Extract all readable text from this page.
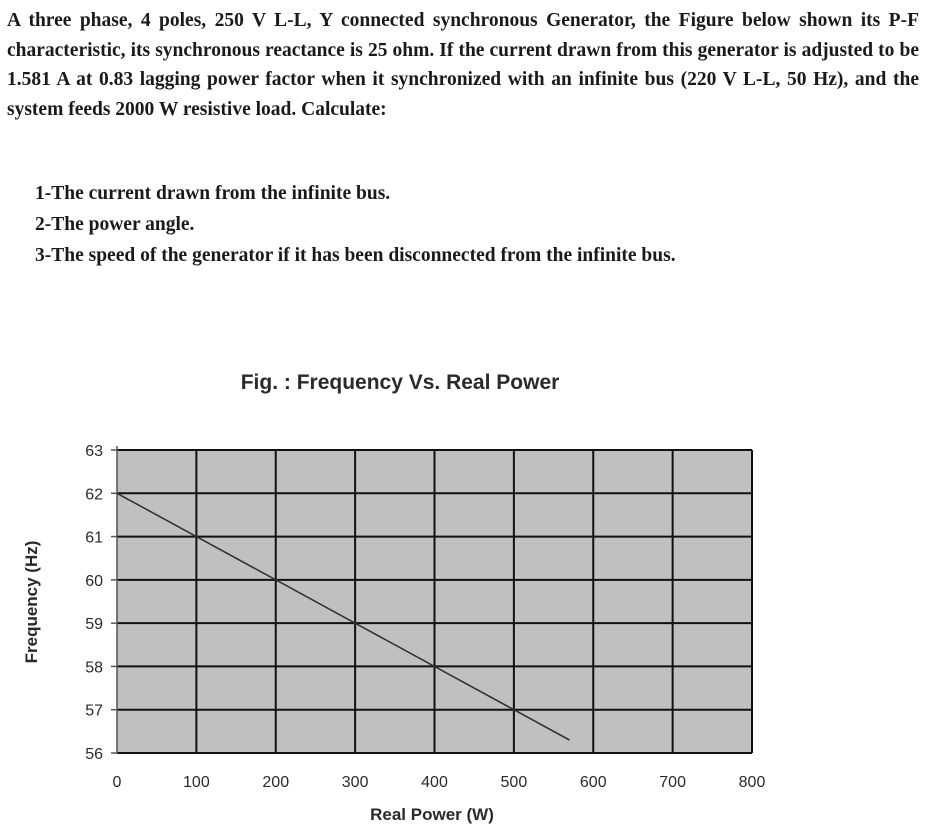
A three phase, 4 poles, 250 V L-L, Y connected synchronous Generator, the Figure below shown its P-F characteristic, its synchronous reactance is 25 ohm. If the current drawn from this generator is adjusted to be 1.581 A at 0.83 lagging power factor when it synchronized with an infinite bus (220 V L-L, 50 Hz), and the system feeds 2000 W resistive load. Calculate:
1-The current drawn from the infinite bus.
2-The power angle.
3-The speed of the generator if it has been disconnected from the infinite bus.
Fig. : Frequency Vs. Real Power
56
57
58
59
60
61
62
63
0	100	200	300	400	500	600	700	800
Real Power (W)
Frequency (Hz)
